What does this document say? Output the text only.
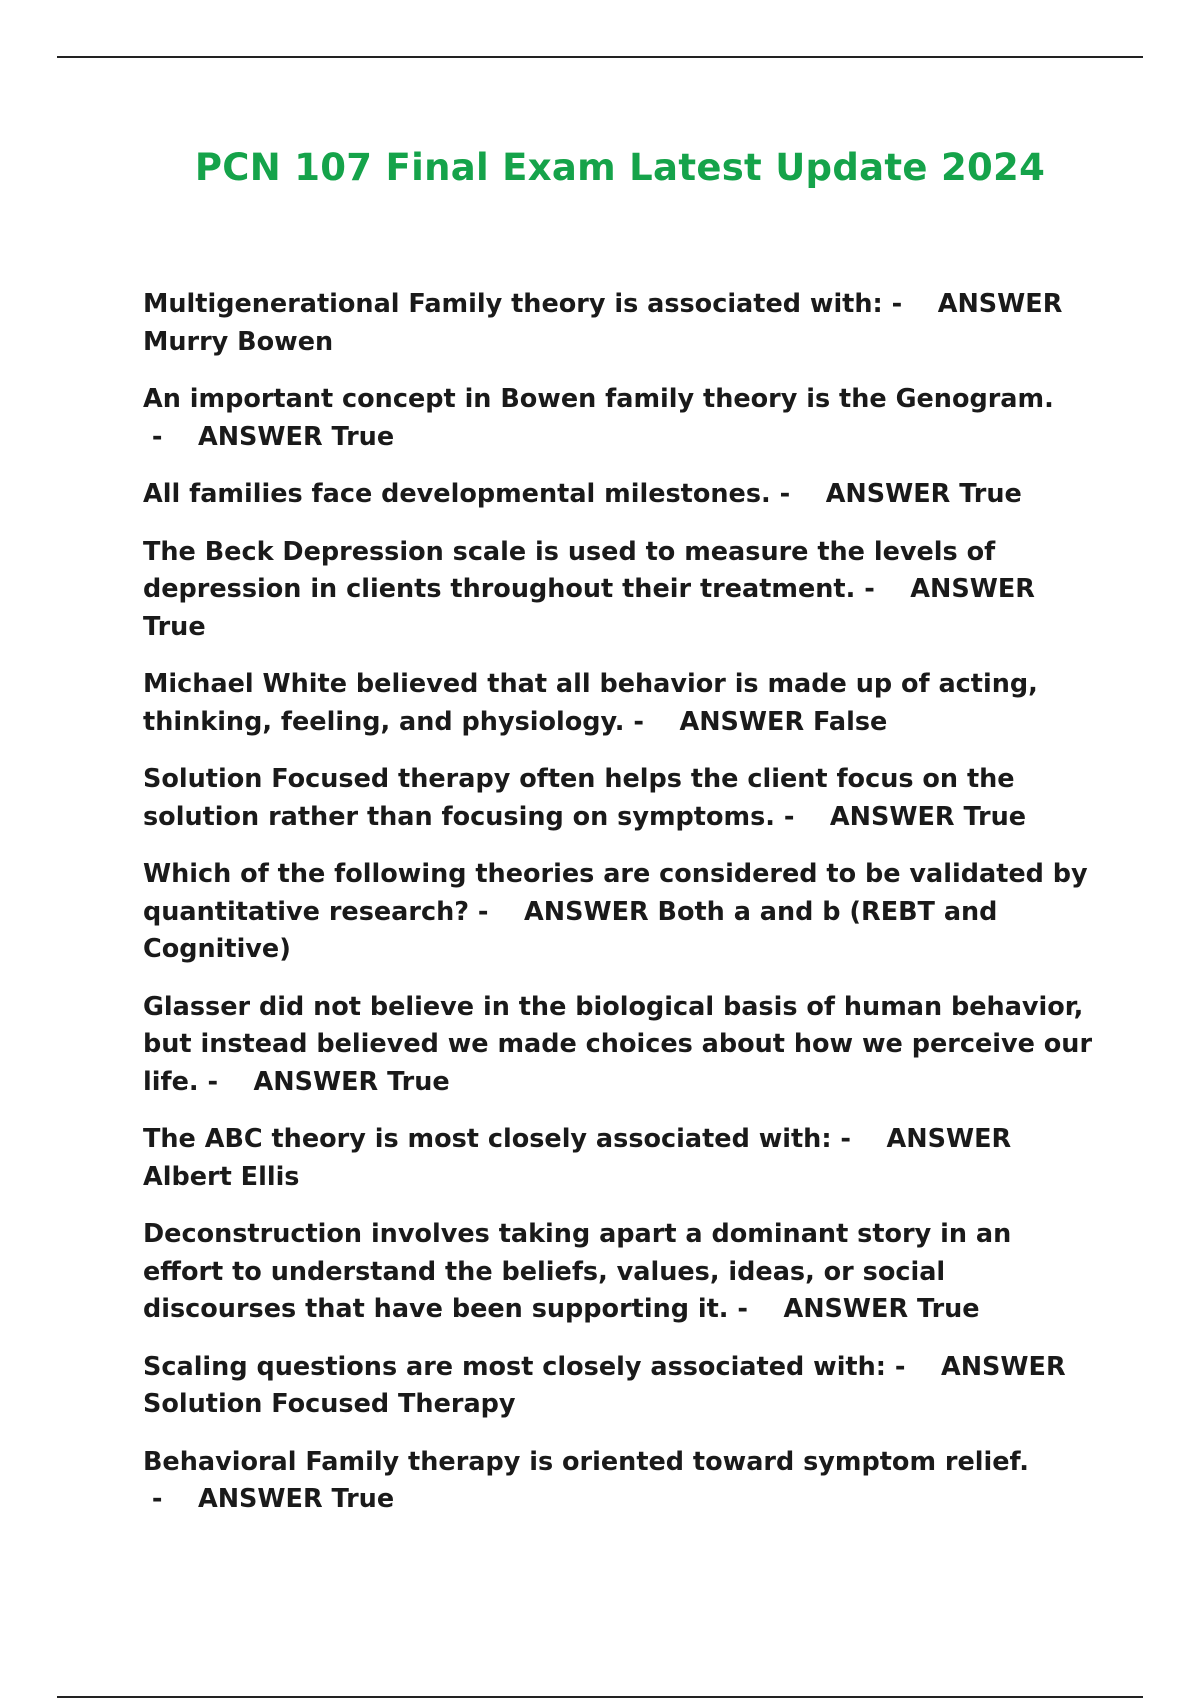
PCN 107 Final Exam Latest Update 2024
Multigenerational Family theory is associated with: -    ANSWER Murry Bowen
An important concept in Bowen family theory is the Genogram. -    ANSWER True
All families face developmental milestones. -    ANSWER True
The Beck Depression scale is used to measure the levels of depression in clients throughout their treatment. -    ANSWER True
Michael White believed that all behavior is made up of acting, thinking, feeling, and physiology. -    ANSWER False
Solution Focused therapy often helps the client focus on the solution rather than focusing on symptoms. -    ANSWER True
Which of the following theories are considered to be validated by quantitative research? -    ANSWER Both a and b (REBT and Cognitive)
Glasser did not believe in the biological basis of human behavior, but instead believed we made choices about how we perceive our life. -    ANSWER True
The ABC theory is most closely associated with: -    ANSWER Albert Ellis
Deconstruction involves taking apart a dominant story in an effort to understand the beliefs, values, ideas, or social discourses that have been supporting it. -    ANSWER True
Scaling questions are most closely associated with: -    ANSWER Solution Focused Therapy
Behavioral Family therapy is oriented toward symptom relief. -    ANSWER True
